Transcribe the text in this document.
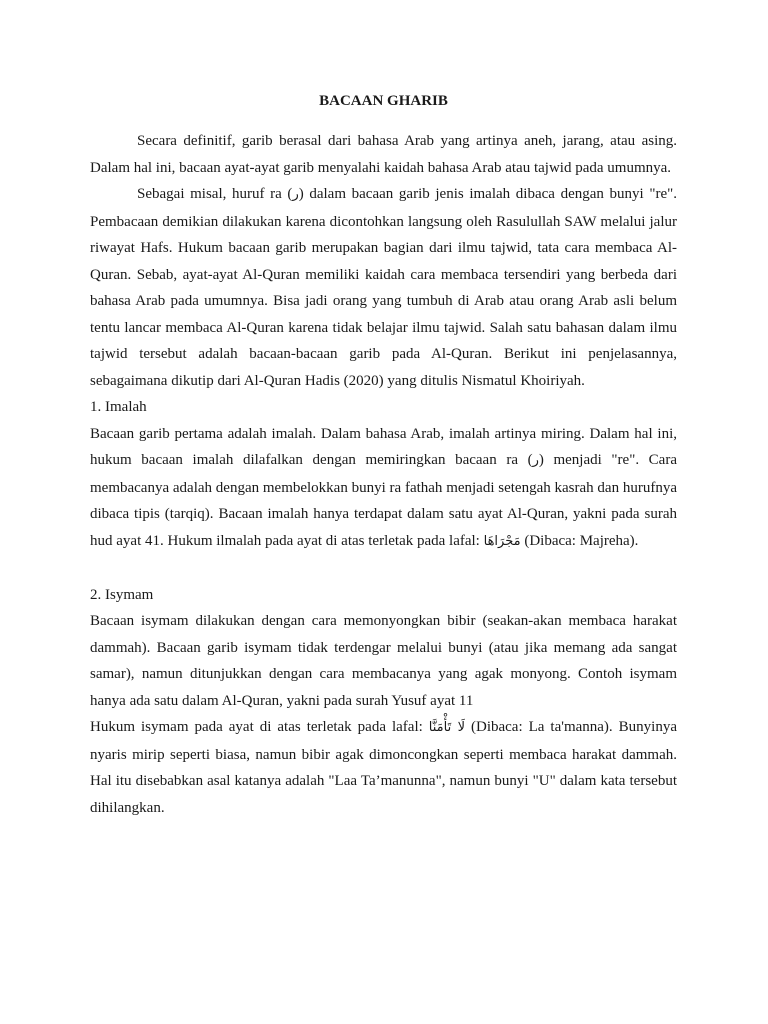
BACAAN GHARIB

Secara definitif, garib berasal dari bahasa Arab yang artinya aneh, jarang, atau asing. Dalam hal ini, bacaan ayat-ayat garib menyalahi kaidah bahasa Arab atau tajwid pada umumnya.

Sebagai misal, huruf ra (ر) dalam bacaan garib jenis imalah dibaca dengan bunyi "re". Pembacaan demikian dilakukan karena dicontohkan langsung oleh Rasulullah SAW melalui jalur riwayat Hafs. Hukum bacaan garib merupakan bagian dari ilmu tajwid, tata cara membaca Al-Quran. Sebab, ayat-ayat Al-Quran memiliki kaidah cara membaca tersendiri yang berbeda dari bahasa Arab pada umumnya. Bisa jadi orang yang tumbuh di Arab atau orang Arab asli belum tentu lancar membaca Al-Quran karena tidak belajar ilmu tajwid. Salah satu bahasan dalam ilmu tajwid tersebut adalah bacaan-bacaan garib pada Al-Quran. Berikut ini penjelasannya, sebagaimana dikutip dari Al-Quran Hadis (2020) yang ditulis Nismatul Khoiriyah.

1. Imalah

Bacaan garib pertama adalah imalah. Dalam bahasa Arab, imalah artinya miring. Dalam hal ini, hukum bacaan imalah dilafalkan dengan memiringkan bacaan ra (ر) menjadi "re". Cara membacanya adalah dengan membelokkan bunyi ra fathah menjadi setengah kasrah dan hurufnya dibaca tipis (tarqiq). Bacaan imalah hanya terdapat dalam satu ayat Al-Quran, yakni pada surah hud ayat 41. Hukum ilmalah pada ayat di atas terletak pada lafal: مَجْرَاهَا (Dibaca: Majreha).

2. Isymam

Bacaan isymam dilakukan dengan cara memonyongkan bibir (seakan-akan membaca harakat dammah). Bacaan garib isymam tidak terdengar melalui bunyi (atau jika memang ada sangat samar), namun ditunjukkan dengan cara membacanya yang agak monyong. Contoh isymam hanya ada satu dalam Al-Quran, yakni pada surah Yusuf ayat 11

Hukum isymam pada ayat di atas terletak pada lafal: لَا تَأْمَنَّا (Dibaca: La ta'manna). Bunyinya nyaris mirip seperti biasa, namun bibir agak dimoncongkan seperti membaca harakat dammah. Hal itu disebabkan asal katanya adalah "Laa Ta’manunna", namun bunyi "U" dalam kata tersebut dihilangkan.
